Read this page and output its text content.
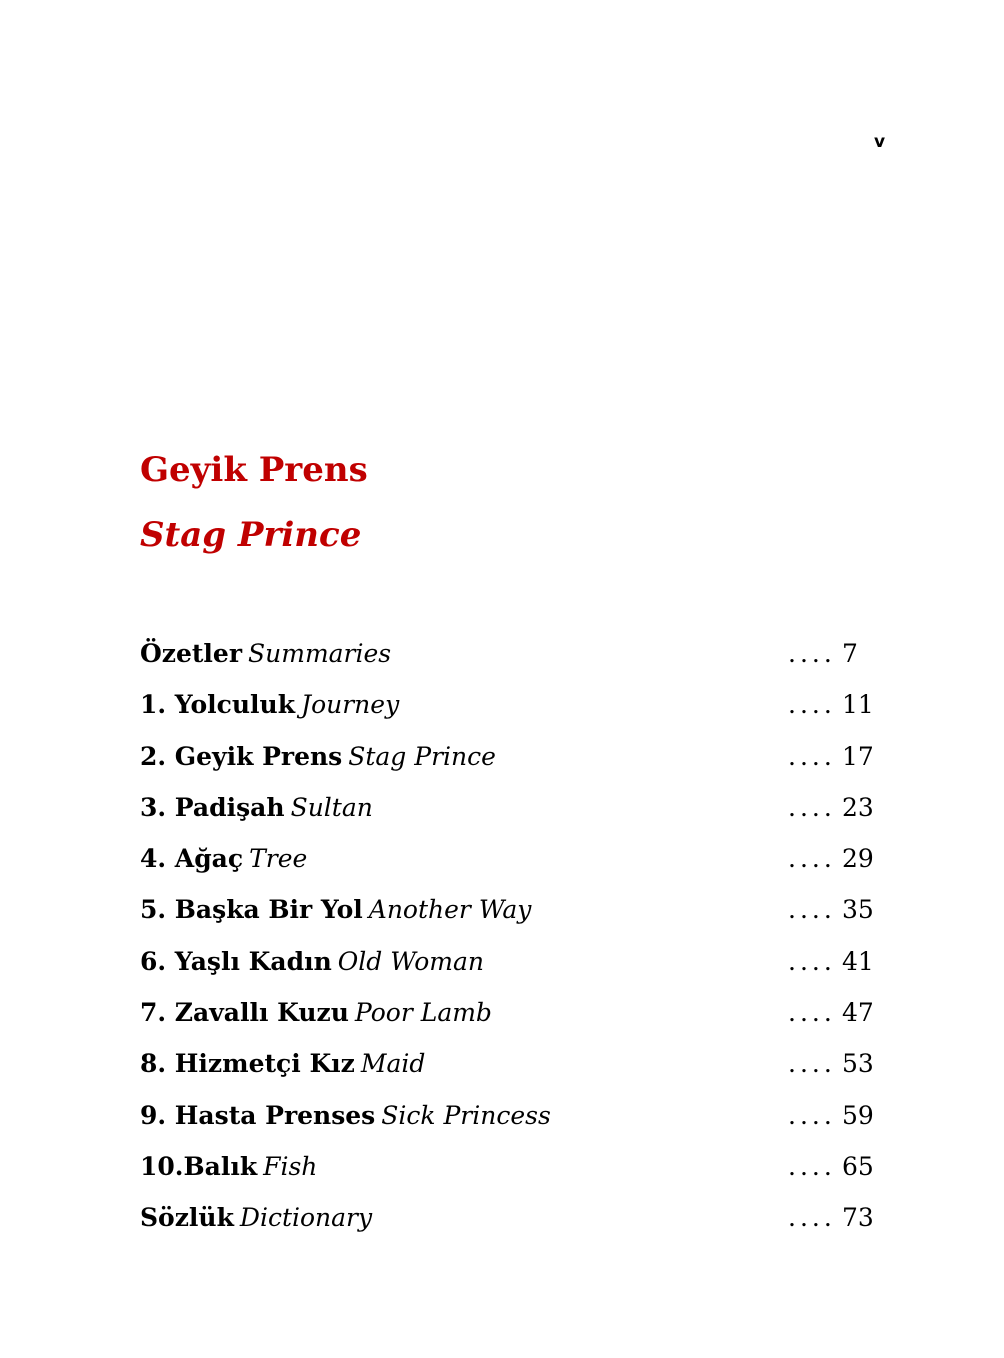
v
Geyik Prens
Stag Prince
Özetler Summaries	.... 7
1. Yolculuk Journey	.... 11
2. Geyik Prens Stag Prince	.... 17
3. Padişah Sultan	.... 23
4. Ağaç Tree	.... 29
5. Başka Bir Yol Another Way	.... 35
6. Yaşlı Kadın Old Woman	.... 41
7. Zavallı Kuzu Poor Lamb	.... 47
8. Hizmetçi Kız Maid	.... 53
9. Hasta Prenses Sick Princess	.... 59
10.Balık Fish	.... 65
Sözlük Dictionary	.... 73
